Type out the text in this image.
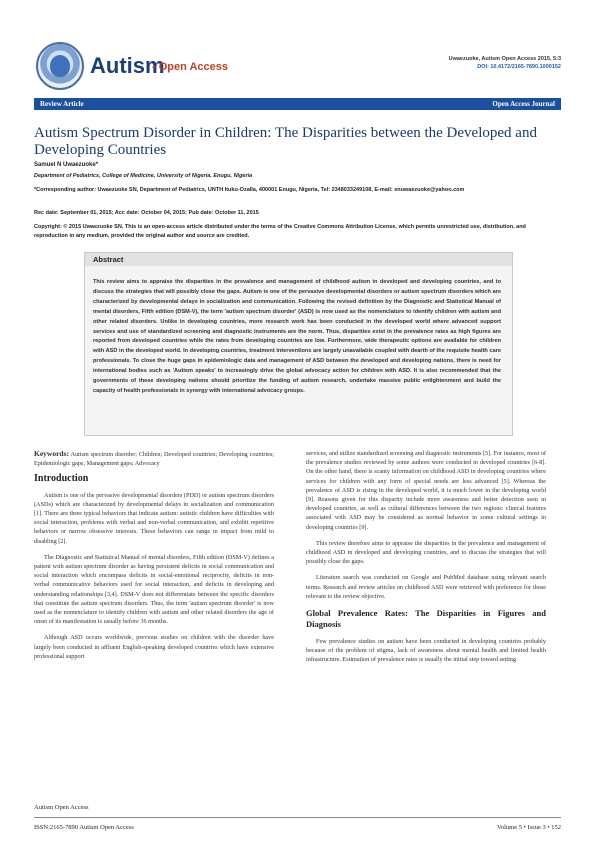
Autism
- Open Access
Uwaezuoke, Autism Open Access 2015, 5:3
DOI: 10.4172/2165-7890.1000152
Review Article	Open Access Journal
Autism Spectrum Disorder in Children: The Disparities between the Developed and Developing Countries
Samuel N Uwaezuoke*
Department of Pediatrics, College of Medicine, University of Nigeria, Enugu, Nigeria
*Corresponding author: Uwaezuoke SN, Department of Pediatrics, UNTH Ituku-Ozalla, 400001 Enugu, Nigeria, Tel: 2348033249108, E-mail: snuwaezuoke@yahoo.com
Rec date: September 01, 2015; Acc date: October 04, 2015; Pub date: October 11, 2015
Copyright: © 2015 Uwaezuoke SN. This is an open-access article distributed under the terms of the Creative Commons Attribution License, which permits unrestricted use, distribution, and reproduction in any medium, provided the original author and source are credited.
Abstract
This review aims to appraise the disparities in the prevalence and management of childhood autism in developed and developing countries, and to discuss the strategies that will possibly close the gaps. Autism is one of the pervasive developmental disorders or autism spectrum disorders which are characterized by developmental delays in socialization and communication. Following the revised definition by the Diagnostic and Statistical Manual of mental disorders, Fifth edition (DSM-V), the term 'autism spectrum disorder' (ASD) is now used as the nomenclature to identify children with autism and other related disorders. Unlike in developing countries, more research work has been conducted in the developed world where advanced support services and use of standardized screening and diagnostic instruments are the norm. Thus, disparities exist in the prevalence rates as high figures are reported from developed countries while the rates from developing countries are low. Furthermore, wide therapeutic options are available for children with ASD in the developed world. In developing countries, treatment interventions are largely unavailable coupled with dearth of the requisite health care professionals. To close the huge gaps in epidemiologic data and management of ASD between the developed and developing nations, there is need for international bodies such as 'Autism speaks' to increasingly drive the global advocacy action for children with ASD. It is also recommended that the governments of these developing nations should prioritize the funding of autism research, undertake massive public enlightenment and build the capacity of health professionals in synergy with international advocacy groups.
Keywords: Autism spectrum disorder; Children; Developed countries; Developing countries; Epidemiologic gaps; Management gaps; Advocacy
Introduction

Autism is one of the pervasive developmental disorders (PDD) or autism spectrum disorders (ASDs) which are characterized by developmental delays in socialization and communication [1]. There are three typical behaviors that indicate autism: autistic children have difficulties with social interaction, problems with verbal and non-verbal communication, and exhibit repetitive behaviors or narrow obsessive interests. These behaviors can range in impact from mild to disabling [2].

The Diagnostic and Statistical Manual of mental disorders, Fifth edition (DSM-V) defines a patient with autism spectrum disorder as having persistent deficits in social communication and social interaction which encompass deficits in social-emotional reciprocity, deficits in non-verbal communicative behaviors used for social interaction, and deficits in developing and understanding relationships [3,4]. DSM-V does not differentiate between the specific disorders that constitute the autism spectrum disorders. Thus, the term 'autism spectrum disorder' is now used as the nomenclature to identify children with autism and other related disorders the age of onset of its manifestation is usually before 36 months.

Although ASD occurs worldwide, previous studies on children with the disorder have largely been conducted in affluent English-speaking developed countries which have extensive professional support

services, and utilize standardized screening and diagnostic instruments [5]. For instance, most of the prevalence studies reviewed by some authors were conducted in developed countries [6-8]. On the other hand, there is scanty information on childhood ASD in developing countries where services for children with any form of special needs are less advanced [5]. Whereas the prevalence of ASD is rising in the developed world, it is much lower in the developing world [9]. Reasons given for this disparity include more awareness and better detection seen in developed countries, as well as cultural differences between the two regions: clinical features associated with ASD may be considered as normal behavior in some cultural settings in developing countries [9].

This review therefore aims to appraise the disparities in the prevalence and management of childhood ASD in developed and developing countries, and to discuss the strategies that will possibly close the gaps.

Literature search was conducted on Google and PubMed database using relevant search terms. Research and review articles on childhood ASD were retrieved with preference for those relevant to the review objective.

Global Prevalence Rates: The Disparities in Figures and Diagnosis

Few prevalence studies on autism have been conducted in developing countries probably because of the problem of stigma, lack of awareness about mental health and limited health infrastructure. Estimation of prevalence rates is usually the initial step toward setting

Autism Open Access
ISSN:2165-7890 Autism Open Access	Volume 5 • Issue 3 • 152
